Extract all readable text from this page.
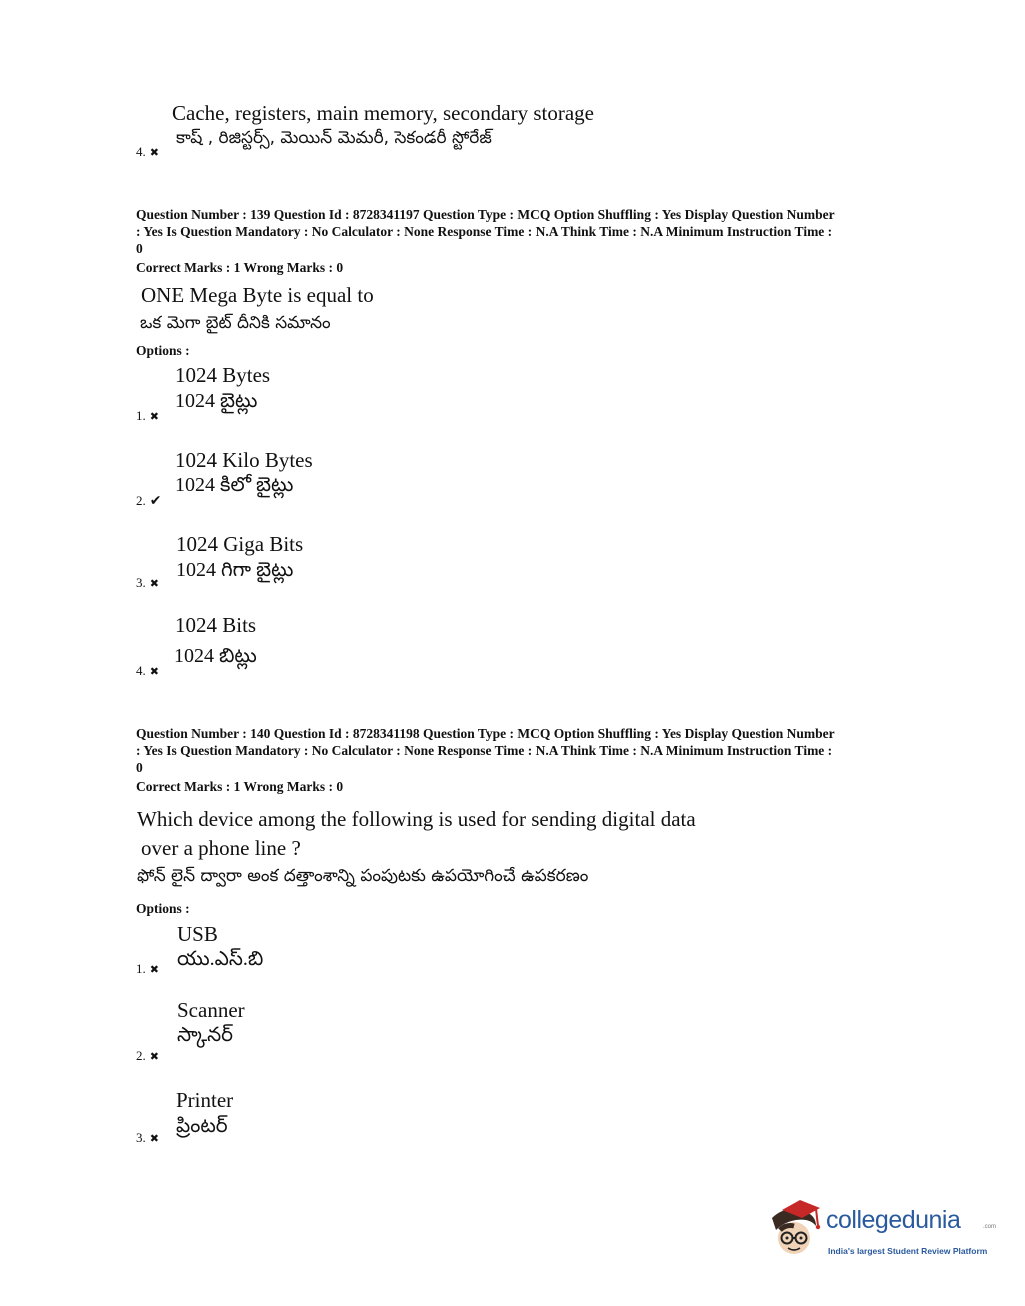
Cache, registers, main memory, secondary storage
కాష్ , రిజిస్టర్స్, మెయిన్ మెమరీ, సెకండరీ స్టోరేజ్
4. ✖
Question Number : 139 Question Id : 8728341197 Question Type : MCQ Option Shuffling : Yes Display Question Number
: Yes Is Question Mandatory : No Calculator : None Response Time : N.A Think Time : N.A Minimum Instruction Time :
0
Correct Marks : 1 Wrong Marks : 0
ONE Mega Byte is equal to
ఒక మెగా బైట్ దీనికి సమానం
Options :
1024 Bytes
1024 బైట్లు
1. ✖
1024 Kilo Bytes
1024 కిలో బైట్లు
2. ✔
1024 Giga Bits
1024 గిగా బైట్లు
3. ✖
1024 Bits
1024 బిట్లు
4. ✖
Question Number : 140 Question Id : 8728341198 Question Type : MCQ Option Shuffling : Yes Display Question Number
: Yes Is Question Mandatory : No Calculator : None Response Time : N.A Think Time : N.A Minimum Instruction Time :
0
Correct Marks : 1 Wrong Marks : 0
Which device among the following is used for sending digital data
over a phone line ?
ఫోన్ లైన్ ద్వారా అంక దత్తాంశాన్ని పంపుటకు ఉపయోగించే ఉపకరణం
Options :
USB
యు.ఎస్.బి
1. ✖
Scanner
స్కానర్
2. ✖
Printer
ప్రింటర్
3. ✖
collegedunia	.com
India's largest Student Review Platform
